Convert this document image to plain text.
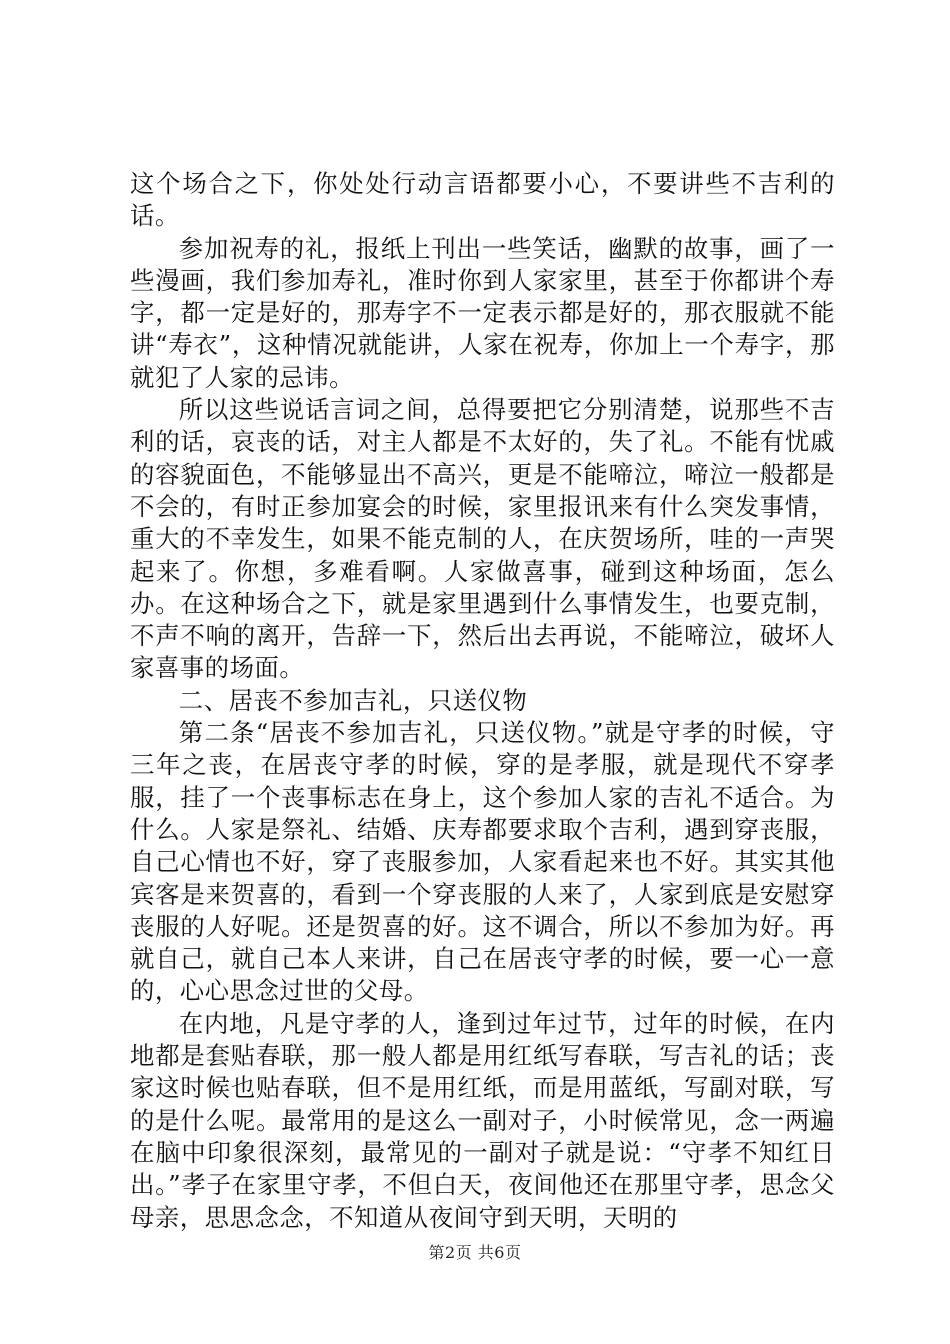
这个场合之下，你处处行动言语都要小心，不要讲些不吉利的话。

参加祝寿的礼，报纸上刊出一些笑话，幽默的故事，画了一些漫画，我们参加寿礼，准时你到人家家里，甚至于你都讲个寿字，都一定是好的，那寿字不一定表示都是好的，那衣服就不能讲“寿衣”，这种情况就能讲，人家在祝寿，你加上一个寿字，那就犯了人家的忌讳。

所以这些说话言词之间，总得要把它分别清楚，说那些不吉利的话，哀丧的话，对主人都是不太好的，失了礼。不能有忧戚的容貌面色，不能够显出不高兴，更是不能啼泣，啼泣一般都是不会的，有时正参加宴会的时候，家里报讯来有什么突发事情，重大的不幸发生，如果不能克制的人，在庆贺场所，哇的一声哭起来了。你想，多难看啊。人家做喜事，碰到这种场面，怎么办。在这种场合之下，就是家里遇到什么事情发生，也要克制，不声不响的离开，告辞一下，然后出去再说，不能啼泣，破坏人家喜事的场面。

二、居丧不参加吉礼，只送仪物

第二条“居丧不参加吉礼，只送仪物。”就是守孝的时候，守三年之丧，在居丧守孝的时候，穿的是孝服，就是现代不穿孝服，挂了一个丧事标志在身上，这个参加人家的吉礼不适合。为什么。人家是祭礼、结婚、庆寿都要求取个吉利，遇到穿丧服，自己心情也不好，穿了丧服参加，人家看起来也不好。其实其他宾客是来贺喜的，看到一个穿丧服的人来了，人家到底是安慰穿丧服的人好呢。还是贺喜的好。这不调合，所以不参加为好。再就自己，就自己本人来讲，自己在居丧守孝的时候，要一心一意的，心心思念过世的父母。

在内地，凡是守孝的人，逢到过年过节，过年的时候，在内地都是套贴春联，那一般人都是用红纸写春联，写吉礼的话；丧家这时候也贴春联，但不是用红纸，而是用蓝纸，写副对联，写的是什么呢。最常用的是这么一副对子，小时候常见，念一两遍在脑中印象很深刻，最常见的一副对子就是说：“守孝不知红日出。”孝子在家里守孝，不但白天，夜间他还在那里守孝，思念父母亲，思思念念，不知道从夜间守到天明，天明的

第2页 共6页
